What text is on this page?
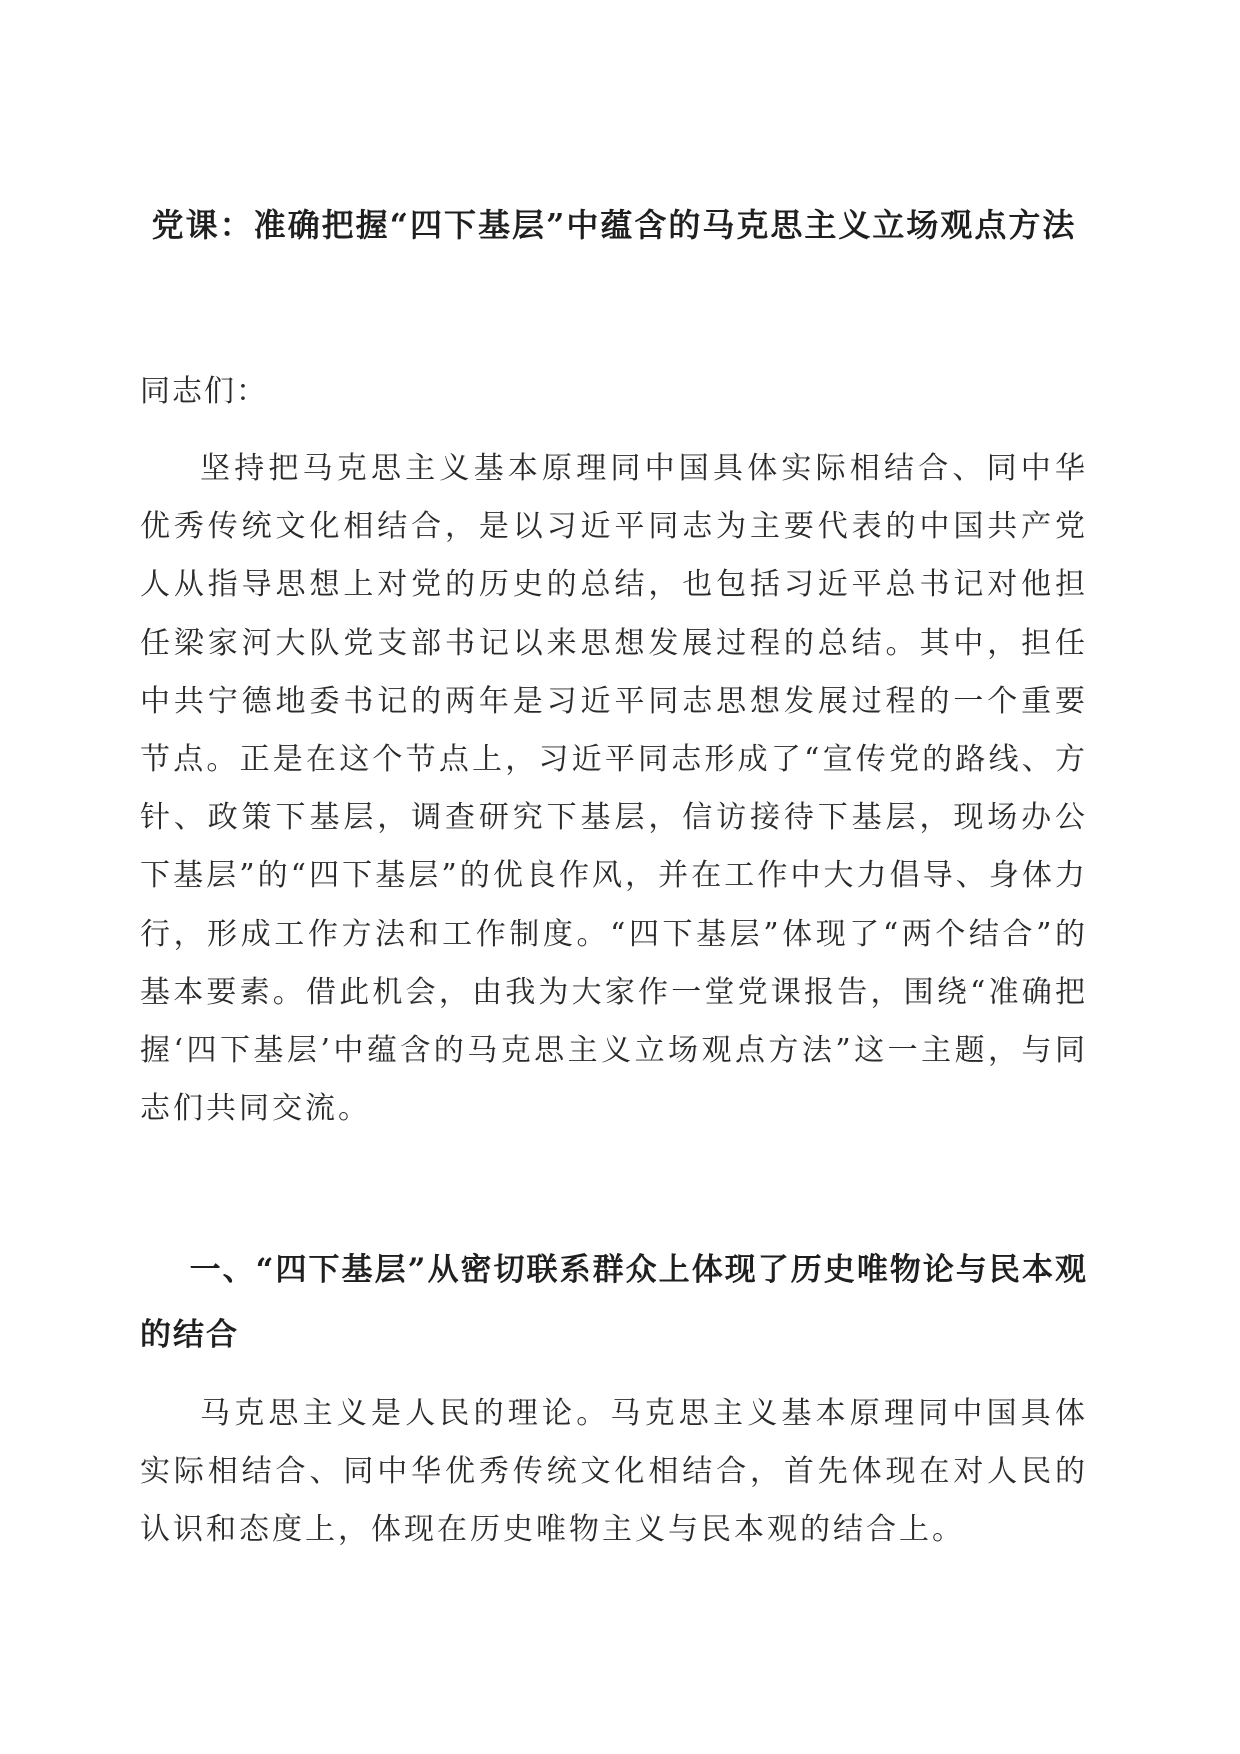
党课：准确把握“四下基层”中蕴含的马克思主义立场观点方法

同志们：

坚持把马克思主义基本原理同中国具体实际相结合、同中华优秀传统文化相结合，是以习近平同志为主要代表的中国共产党人从指导思想上对党的历史的总结，也包括习近平总书记对他担任梁家河大队党支部书记以来思想发展过程的总结。其中，担任中共宁德地委书记的两年是习近平同志思想发展过程的一个重要节点。正是在这个节点上，习近平同志形成了“宣传党的路线、方针、政策下基层，调查研究下基层，信访接待下基层，现场办公下基层”的“四下基层”的优良作风，并在工作中大力倡导、身体力行，形成工作方法和工作制度。“四下基层”体现了“两个结合”的基本要素。借此机会，由我为大家作一堂党课报告，围绕“准确把握‘四下基层’中蕴含的马克思主义立场观点方法”这一主题，与同志们共同交流。

一、“四下基层”从密切联系群众上体现了历史唯物论与民本观的结合

马克思主义是人民的理论。马克思主义基本原理同中国具体实际相结合、同中华优秀传统文化相结合，首先体现在对人民的认识和态度上，体现在历史唯物主义与民本观的结合上。
